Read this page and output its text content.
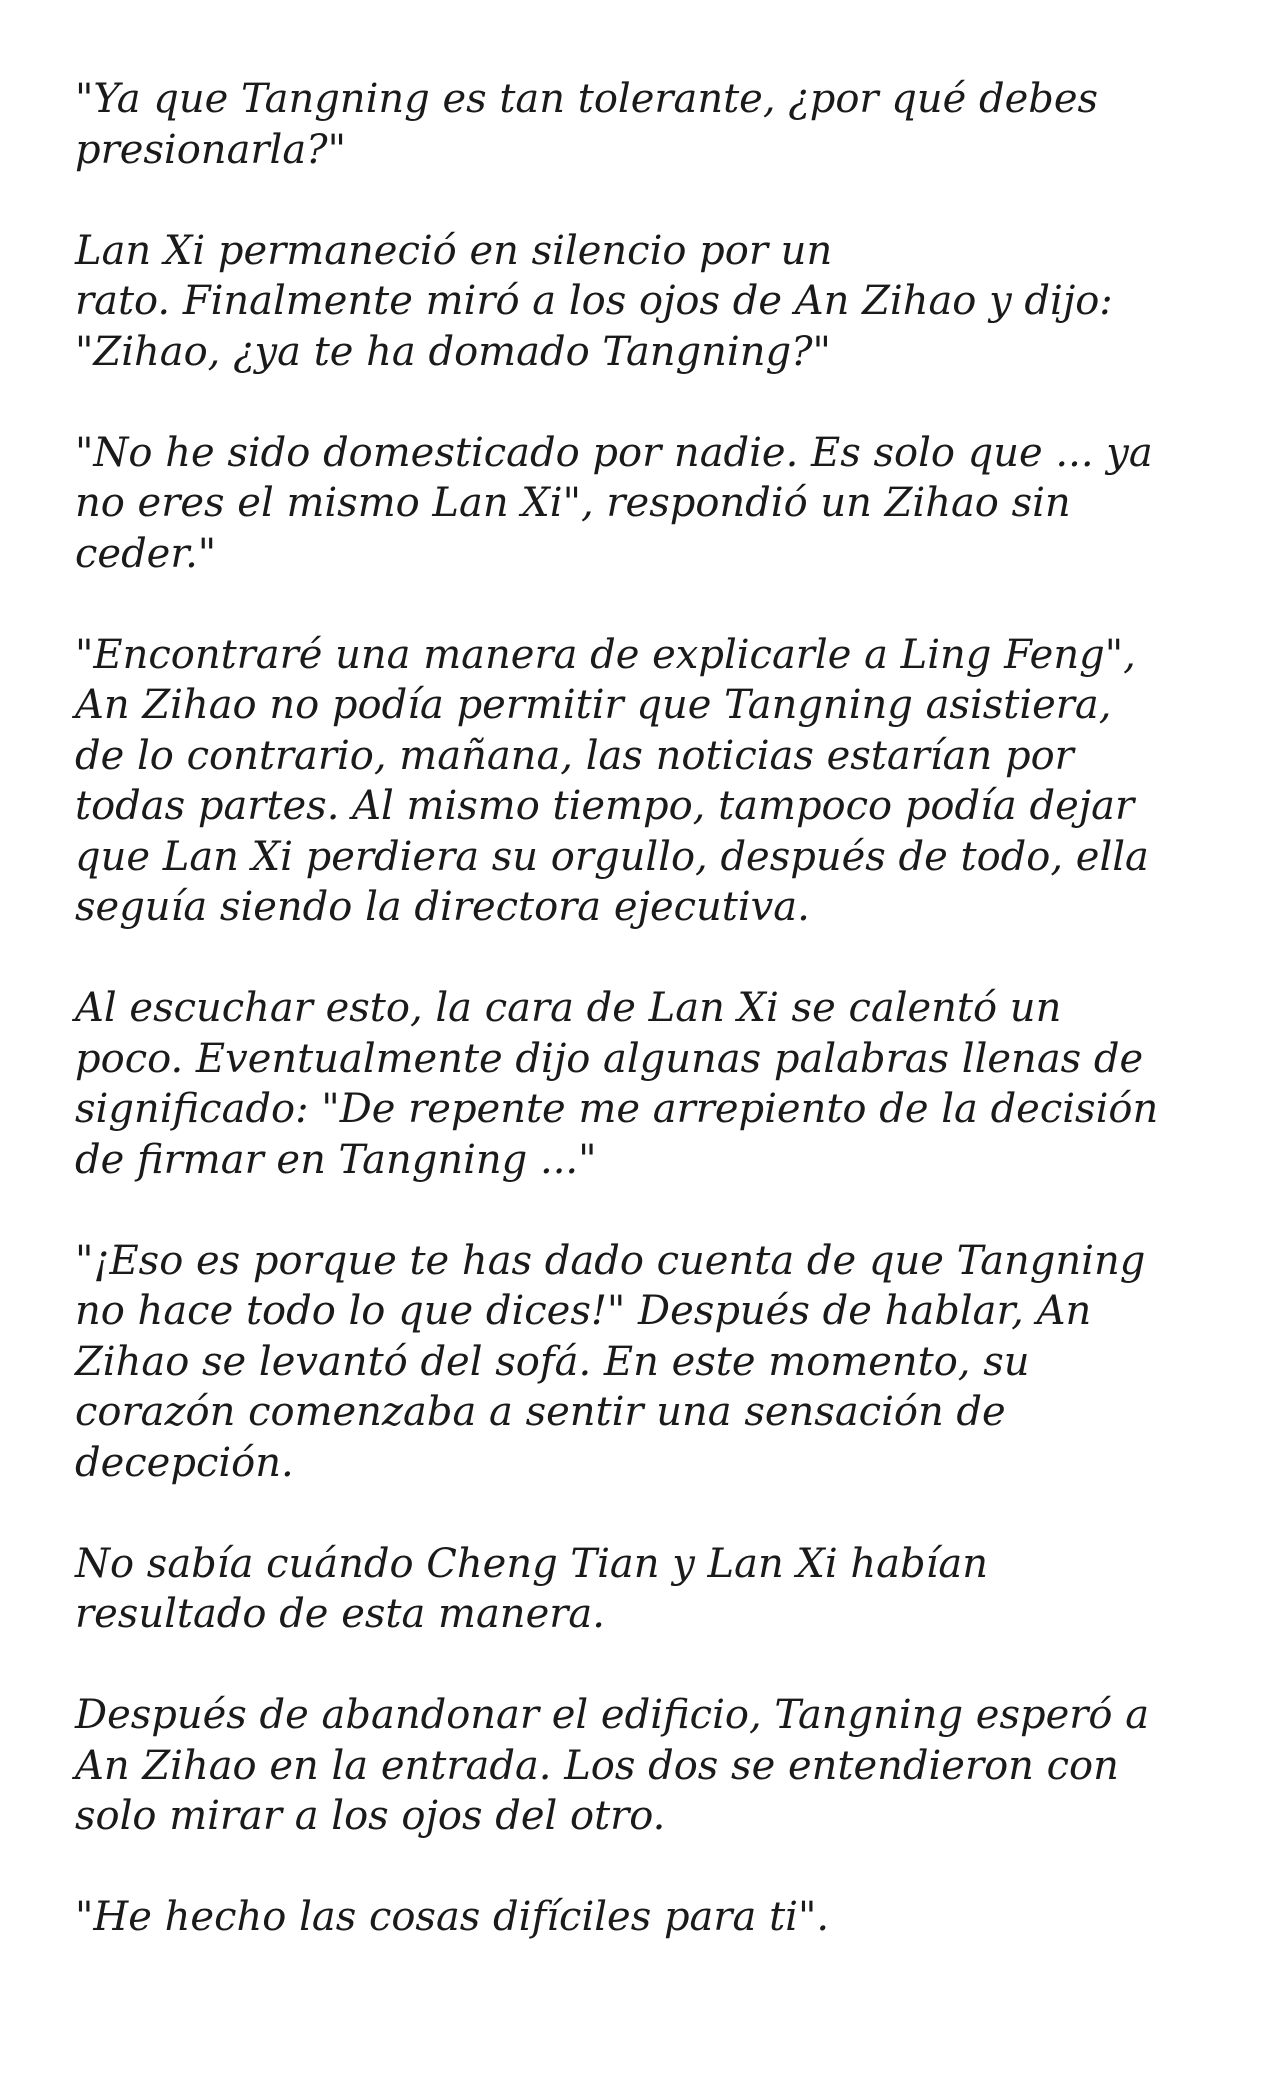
"Ya que Tangning es tan tolerante, ¿por qué debes
presionarla?"

Lan Xi permaneció en silencio por un
rato. Finalmente miró a los ojos de An Zihao y dijo:
"Zihao, ¿ya te ha domado Tangning?"

"No he sido domesticado por nadie. Es solo que ... ya
no eres el mismo Lan Xi", respondió un Zihao sin
ceder."

"Encontraré una manera de explicarle a Ling Feng",
An Zihao no podía permitir que Tangning asistiera,
de lo contrario, mañana, las noticias estarían por
todas partes. Al mismo tiempo, tampoco podía dejar
que Lan Xi perdiera su orgullo, después de todo, ella
seguía siendo la directora ejecutiva.

Al escuchar esto, la cara de Lan Xi se calentó un
poco. Eventualmente dijo algunas palabras llenas de
significado: "De repente me arrepiento de la decisión
de firmar en Tangning ..."

"¡Eso es porque te has dado cuenta de que Tangning
no hace todo lo que dices!" Después de hablar, An
Zihao se levantó del sofá. En este momento, su
corazón comenzaba a sentir una sensación de
decepción.

No sabía cuándo Cheng Tian y Lan Xi habían
resultado de esta manera.

Después de abandonar el edificio, Tangning esperó a
An Zihao en la entrada. Los dos se entendieron con
solo mirar a los ojos del otro.

"He hecho las cosas difíciles para ti".
